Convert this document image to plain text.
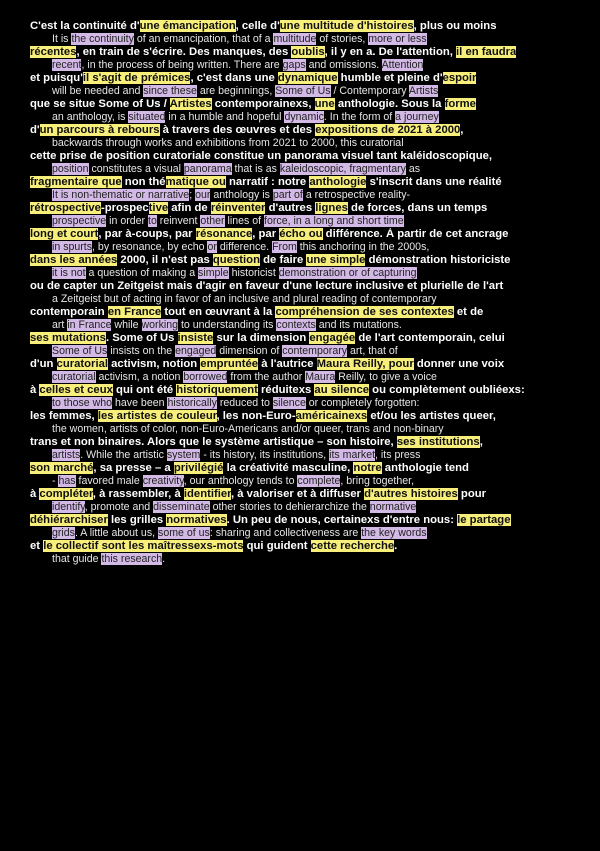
C'est la continuité d'une émancipation, celle d'une multitude d'histoires, plus ou moins
It is the continuity of an emancipation, that of a multitude of stories, more or less
récentes, en train de s'écrire. Des manques, des oublis, il y en a. De l'attention, il en faudra
recent, in the process of being written. There are gaps and omissions. Attention
et puisqu'il s'agit de prémices, c'est dans une dynamique humble et pleine d'espoir
will be needed and since these are beginnings, Some of Us / Contemporary Artists
que se situe Some of Us / Artistes contemporainexs, une anthologie. Sous la forme
an anthology, is situated in a humble and hopeful dynamic. In the form of a journey
d'un parcours à rebours à travers des œuvres et des expositions de 2021 à 2000,
backwards through works and exhibitions from 2021 to 2000, this curatorial
cette prise de position curatoriale constitue un panorama visuel tant kaléidoscopique,
position constitutes a visual panorama that is as kaleidoscopic, fragmentary as
fragmentaire que non thématique ou narratif : notre anthologie s'inscrit dans une réalité
It is non-thematic or narrative; our anthology is part of a retrospective reality-
rétrospective-prospective afin de réinventer d'autres lignes de forces, dans un temps
prospective in order to reinvent other lines of force, in a long and short time
long et court, par à-coups, par résonance, par écho ou différence. À partir de cet ancrage
in spurts, by resonance, by echo or difference. From this anchoring in the 2000s,
dans les années 2000, il n'est pas question de faire une simple démonstration historiciste
it is not a question of making a simple historicist demonstration or of capturing
ou de capter un Zeitgeist mais d'agir en faveur d'une lecture inclusive et plurielle de l'art
a Zeitgeist but of acting in favor of an inclusive and plural reading of contemporary
contemporain en France tout en œuvrant à la compréhension de ses contextes et de
art in France while working to understanding its contexts and its mutations.
ses mutations. Some of Us insiste sur la dimension engagée de l'art contemporain, celui
Some of Us insists on the engaged dimension of contemporary art, that of
d'un curatorial activism, notion empruntée à l'autrice Maura Reilly, pour donner une voix
curatorial activism, a notion borrowed from the author Maura Reilly, to give a voice
à celles et ceux qui ont été historiquement réduitexs au silence ou complètement oubliéexs:
to those who have been historically reduced to silence or completely forgotten:
les femmes, les artistes de couleur, les non-Euro-américainexs et/ou les artistes queer,
the women, artists of color, non-Euro-Americans and/or queer, trans and non-binary
trans et non binaires. Alors que le système artistique – son histoire, ses institutions,
artists. While the artistic system - its history, its institutions, its market, its press
son marché, sa presse – a privilégié la créativité masculine, notre anthologie tend
- has favored male creativity, our anthology tends to complete, bring together,
à compléter, à rassembler, à identifier, à valoriser et à diffuser d'autres histoires pour
identify, promote and disseminate other stories to dehierarchize the normative
déhiérarchiser les grilles normatives. Un peu de nous, certainexs d'entre nous: le partage
grids. A little about us, some of us: sharing and collectiveness are the key words
et le collectif sont les maîtressexs-mots qui guident cette recherche.
that guide this research.
